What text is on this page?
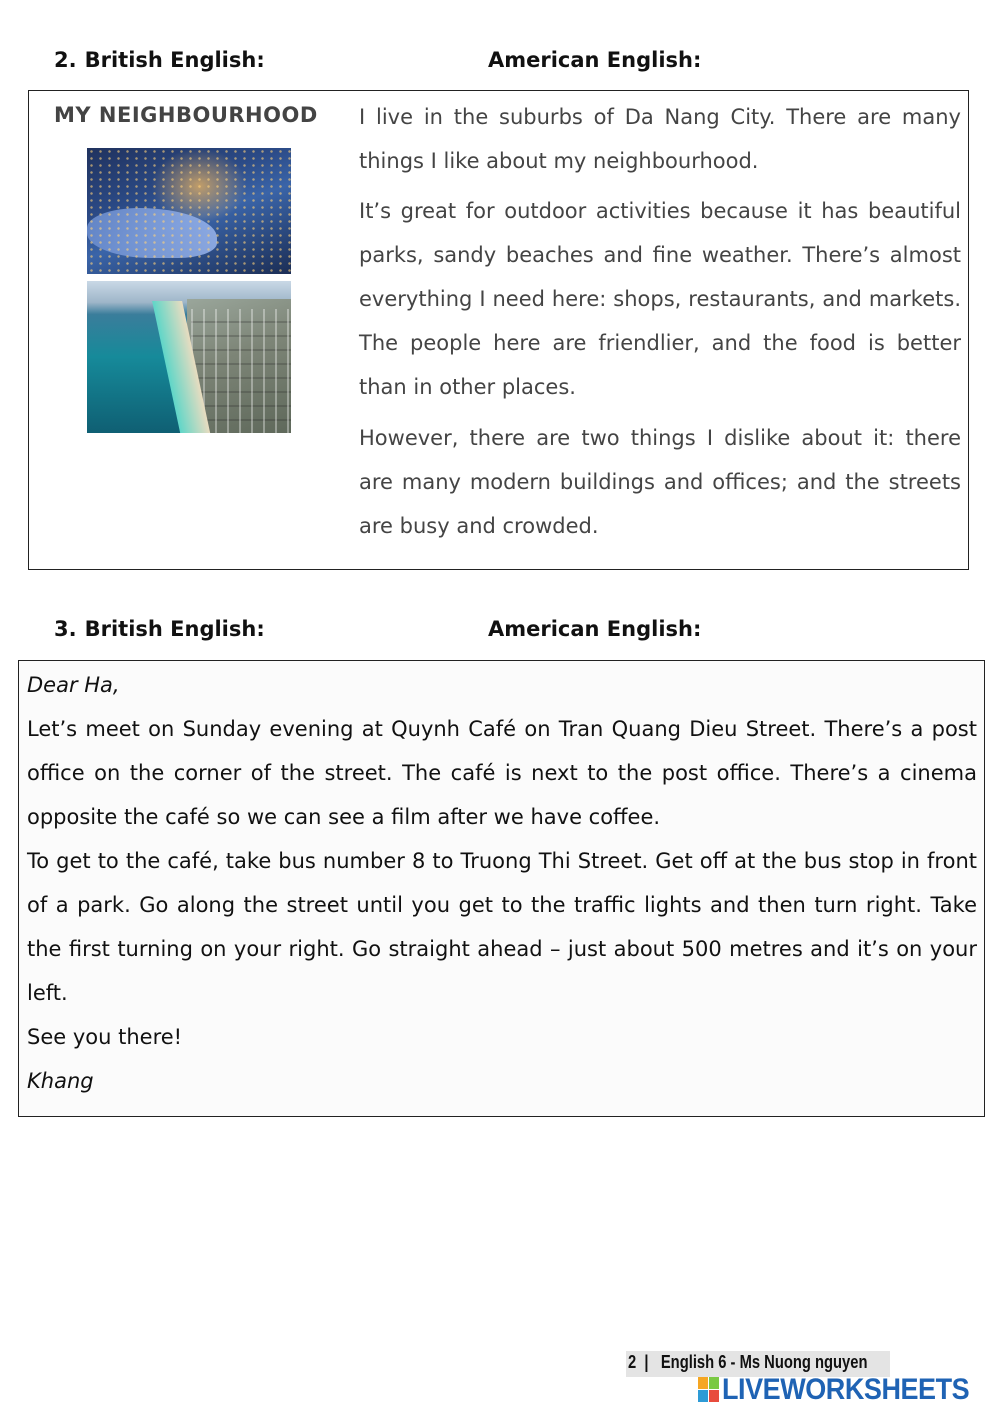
2. British English:	American English:
MY NEIGHBOURHOOD I live in the suburbs of Da Nang City. There are many things I like about my neighbourhood.

It’s great for outdoor activities because it has beautiful parks, sandy beaches and fine weather. There’s almost everything I need here: shops, restaurants, and markets. The people here are friendlier, and the food is better than in other places.

However, there are two things I dislike about it: there are many modern buildings and offices; and the streets are busy and crowded.

3. British English:	American English:

Dear Ha,

Let’s meet on Sunday evening at Quynh Café on Tran Quang Dieu Street. There’s a post office on the corner of the street. The café is next to the post office. There’s a cinema opposite the café so we can see a film after we have coffee.

To get to the café, take bus number 8 to Truong Thi Street. Get off at the bus stop in front of a park. Go along the street until you get to the traffic lights and then turn right. Take the first turning on your right. Go straight ahead – just about 500 metres and it’s on your left.

See you there!

Khang

2  |   English 6 - Ms Nuong nguyen
LIVEWORKSHEETS
